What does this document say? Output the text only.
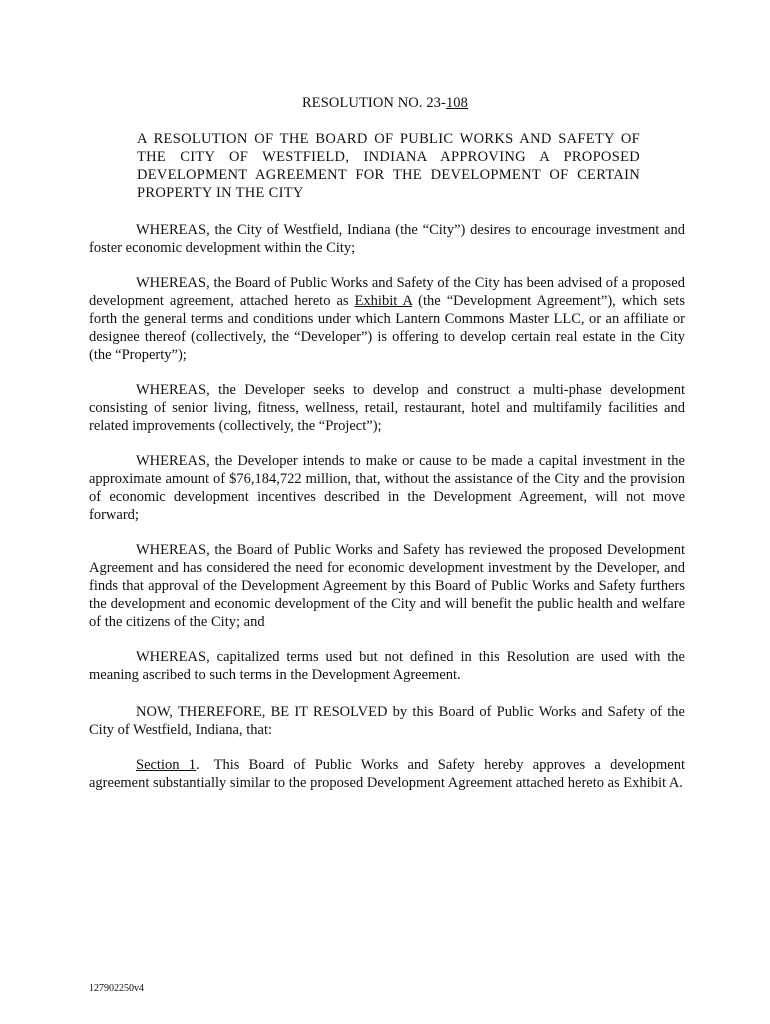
RESOLUTION NO. 23-108
A RESOLUTION OF THE BOARD OF PUBLIC WORKS AND SAFETY OF THE CITY OF WESTFIELD, INDIANA APPROVING A PROPOSED DEVELOPMENT AGREEMENT FOR THE DEVELOPMENT OF CERTAIN PROPERTY IN THE CITY

WHEREAS, the City of Westfield, Indiana (the “City”) desires to encourage investment and foster economic development within the City;

WHEREAS, the Board of Public Works and Safety of the City has been advised of a proposed development agreement, attached hereto as Exhibit A (the “Development Agreement”), which sets forth the general terms and conditions under which Lantern Commons Master LLC, or an affiliate or designee thereof (collectively, the “Developer”) is offering to develop certain real estate in the City (the “Property”);

WHEREAS, the Developer seeks to develop and construct a multi-phase development consisting of senior living, fitness, wellness, retail, restaurant, hotel and multifamily facilities and related improvements (collectively, the “Project”);

WHEREAS, the Developer intends to make or cause to be made a capital investment in the approximate amount of $76,184,722 million, that, without the assistance of the City and the provision of economic development incentives described in the Development Agreement, will not move forward;

WHEREAS, the Board of Public Works and Safety has reviewed the proposed Development Agreement and has considered the need for economic development investment by the Developer, and finds that approval of the Development Agreement by this Board of Public Works and Safety furthers the development and economic development of the City and will benefit the public health and welfare of the citizens of the City; and

WHEREAS, capitalized terms used but not defined in this Resolution are used with the meaning ascribed to such terms in the Development Agreement.

NOW, THEREFORE, BE IT RESOLVED by this Board of Public Works and Safety of the City of Westfield, Indiana, that:

Section 1. This Board of Public Works and Safety hereby approves a development agreement substantially similar to the proposed Development Agreement attached hereto as Exhibit A.

127902250v4
